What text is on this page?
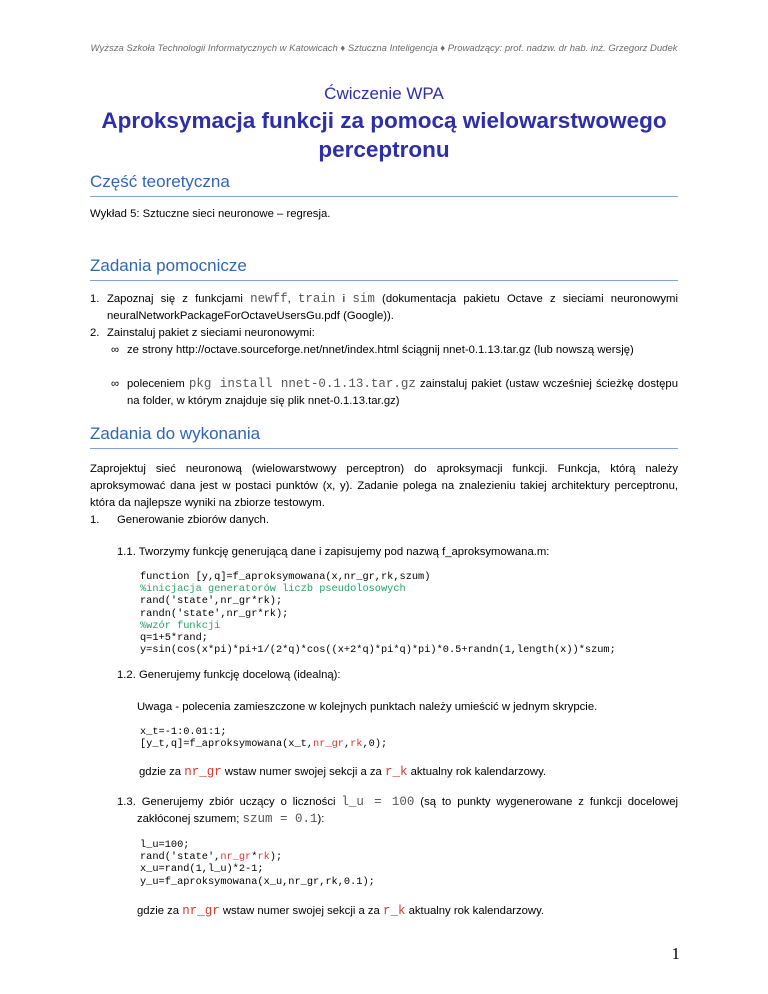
Wyższa Szkoła Technologii Informatycznych w Katowicach ♦ Sztuczna Inteligencja ♦ Prowadzący: prof. nadzw. dr hab. inż. Grzegorz Dudek
Ćwiczenie WPA
Aproksymacja funkcji za pomocą wielowarstwowego perceptronu
Część teoretyczna
Wykład 5: Sztuczne sieci neuronowe – regresja.
Zadania pomocnicze
1. Zapoznaj się z funkcjami newff, train i sim (dokumentacja pakietu Octave z sieciami neuronowymi neuralNetworkPackageForOctaveUsersGu.pdf (Google)).
2. Zainstaluj pakiet z sieciami neuronowymi:
∞ ze strony http://octave.sourceforge.net/nnet/index.html ściągnij nnet-0.1.13.tar.gz (lub nowszą wersję)
∞ poleceniem pkg install nnet-0.1.13.tar.gz zainstaluj pakiet (ustaw wcześniej ścieżkę dostępu na folder, w którym znajduje się plik nnet-0.1.13.tar.gz)
Zadania do wykonania
Zaprojektuj sieć neuronową (wielowarstwowy perceptron) do aproksymacji funkcji. Funkcja, którą należy aproksymować dana jest w postaci punktów (x, y). Zadanie polega na znalezieniu takiej architektury perceptronu, która da najlepsze wyniki na zbiorze testowym.
1. Generowanie zbiorów danych.
1.1. Tworzymy funkcję generującą dane i zapisujemy pod nazwą f_aproksymowana.m:
function [y,q]=f_aproksymowana(x,nr_gr,rk,szum)
%inicjacja generatorów liczb pseudolosowych
rand('state',nr_gr*rk);
randn('state',nr_gr*rk);
%wzór funkcji
q=1+5*rand;
y=sin(cos(x*pi)*pi+1/(2*q)*cos((x+2*q)*pi*q)*pi)*0.5+randn(1,length(x))*szum;
1.2. Generujemy funkcję docelową (idealną):
Uwaga - polecenia zamieszczone w kolejnych punktach należy umieścić w jednym skrypcie.
x_t=-1:0.01:1;
[y_t,q]=f_aproksymowana(x_t,nr_gr,rk,0);
gdzie za nr_gr wstaw numer swojej sekcji a za r_k aktualny rok kalendarzowy.
1.3. Generujemy zbiór uczący o liczności l_u = 100 (są to punkty wygenerowane z funkcji docelowej zakłóconej szumem; szum = 0.1):
l_u=100;
rand('state',nr_gr*rk);
x_u=rand(1,l_u)*2-1;
y_u=f_aproksymowana(x_u,nr_gr,rk,0.1);
gdzie za nr_gr wstaw numer swojej sekcji a za r_k aktualny rok kalendarzowy.
1
